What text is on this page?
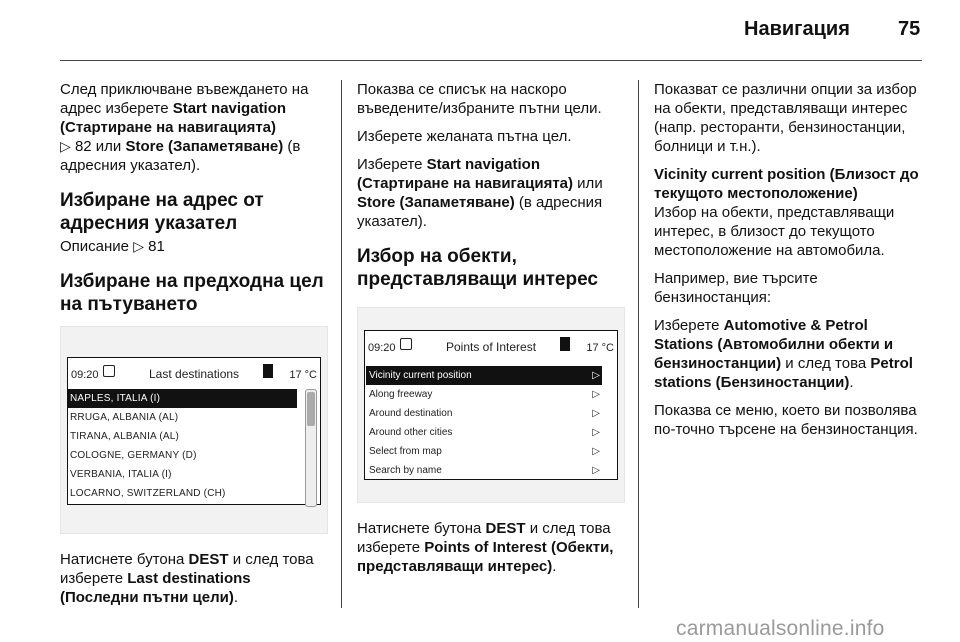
Навигация 75

След приключване въвеждането на адрес изберете Start navigation (Стартиране на навигацията)
▷ 82 или Store (Запаметяване) (в адресния указател).

Избиране на адрес от адресния указател

Описание ▷ 81

Избиране на предходна цел на пътуването
09:20	Last destinations	17 °C
NAPLES, ITALIA (I)
RRUGA, ALBANIA (AL)
TIRANA, ALBANIA (AL)
COLOGNE, GERMANY (D)
VERBANIA, ITALIA (I)
LOCARNO, SWITZERLAND (CH)

Натиснете бутона DEST и след това изберете Last destinations (Последни пътни цели).

Показва се списък на наскоро въведените/избраните пътни цели.

Изберете желаната пътна цел.

Изберете Start navigation (Стартиране на навигацията) или Store (Запаметяване) (в адресния указател).

Избор на обекти, представляващи интерес
09:20	Points of Interest	17 °C
Vicinity current position	▷
Along freeway	▷
Around destination	▷
Around other cities	▷
Select from map	▷
Search by name	▷

Натиснете бутона DEST и след това изберете Points of Interest (Обекти, представляващи интерес).

Показват се различни опции за избор на обекти, представляващи интерес (напр. ресторанти, бензиностанции, болници и т.н.).

Vicinity current position (Близост до текущото местоположение)

Избор на обекти, представляващи интерес, в близост до текущото местоположение на автомобила.

Например, вие търсите бензиностанция:

Изберете Automotive & Petrol Stations (Автомобилни обекти и бензиностанции) и след това Petrol stations (Бензиностанции).

Показва се меню, което ви позволява по-точно търсене на бензиностанция.

carmanualsonline.info
